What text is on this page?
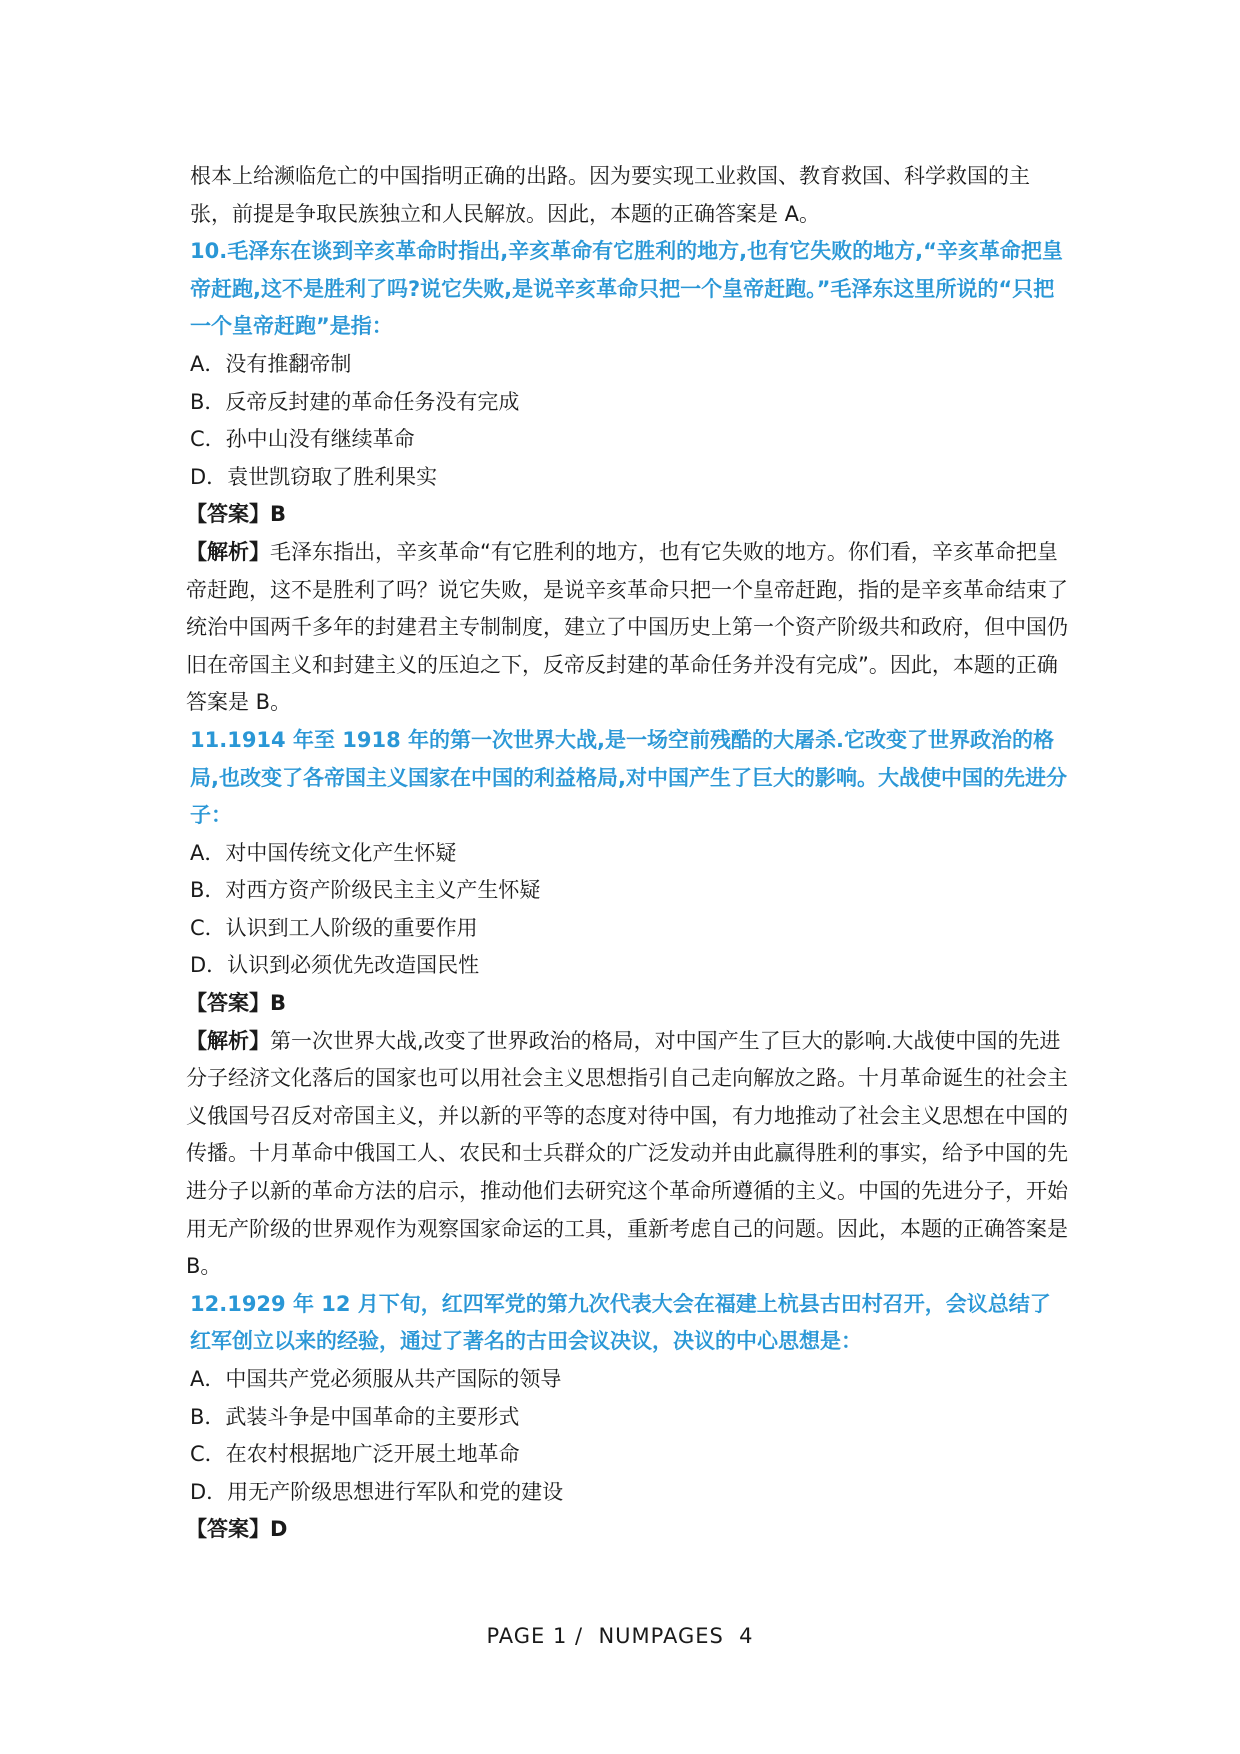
根本上给濒临危亡的中国指明正确的出路。因为要实现工业救国、教育救国、科学救国的主张，前提是争取民族独立和人民解放。因此，本题的正确答案是 A。

10.毛泽东在谈到辛亥革命时指出,辛亥革命有它胜利的地方,也有它失败的地方,“辛亥革命把皇帝赶跑,这不是胜利了吗?说它失败,是说辛亥革命只把一个皇帝赶跑。”毛泽东这里所说的“只把一个皇帝赶跑”是指：

A．没有推翻帝制

B．反帝反封建的革命任务没有完成

C．孙中山没有继续革命

D．袁世凯窃取了胜利果实

【答案】B

【解析】毛泽东指出，辛亥革命“有它胜利的地方，也有它失败的地方。你们看，辛亥革命把皇帝赶跑，这不是胜利了吗？说它失败，是说辛亥革命只把一个皇帝赶跑，指的是辛亥革命结束了统治中国两千多年的封建君主专制制度，建立了中国历史上第一个资产阶级共和政府，但中国仍旧在帝国主义和封建主义的压迫之下，反帝反封建的革命任务并没有完成”。因此，本题的正确答案是 B。

11.1914 年至 1918 年的第一次世界大战,是一场空前残酷的大屠杀.它改变了世界政治的格局,也改变了各帝国主义国家在中国的利益格局,对中国产生了巨大的影响。大战使中国的先进分子：

A．对中国传统文化产生怀疑

B．对西方资产阶级民主主义产生怀疑

C．认识到工人阶级的重要作用

D．认识到必须优先改造国民性

【答案】B

【解析】第一次世界大战,改变了世界政治的格局，对中国产生了巨大的影响.大战使中国的先进分子经济文化落后的国家也可以用社会主义思想指引自己走向解放之路。十月革命诞生的社会主义俄国号召反对帝国主义，并以新的平等的态度对待中国，有力地推动了社会主义思想在中国的传播。十月革命中俄国工人、农民和士兵群众的广泛发动并由此赢得胜利的事实，给予中国的先进分子以新的革命方法的启示，推动他们去研究这个革命所遵循的主义。中国的先进分子，开始用无产阶级的世界观作为观察国家命运的工具，重新考虑自己的问题。因此，本题的正确答案是 B。

12.1929 年 12 月下旬，红四军党的第九次代表大会在福建上杭县古田村召开，会议总结了红军创立以来的经验，通过了著名的古田会议决议，决议的中心思想是：

A．中国共产党必须服从共产国际的领导

B．武装斗争是中国革命的主要形式

C．在农村根据地广泛开展土地革命

D．用无产阶级思想进行军队和党的建设

【答案】D

PAGE 1 /  NUMPAGES  4
